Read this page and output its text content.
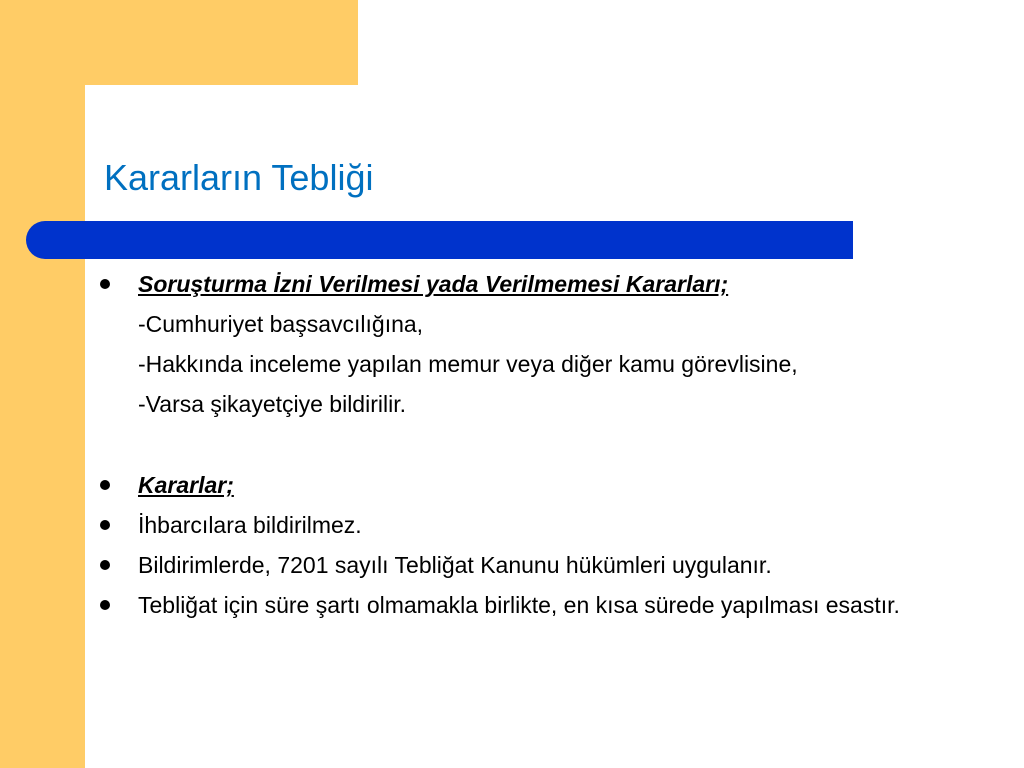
Kararların Tebliği
Soruşturma İzni Verilmesi yada Verilmemesi Kararları;
-Cumhuriyet başsavcılığına,
-Hakkında inceleme yapılan memur veya diğer kamu görevlisine,
-Varsa şikayetçiye bildirilir.
Kararlar;
İhbarcılara bildirilmez.
Bildirimlerde, 7201 sayılı Tebliğat Kanunu hükümleri uygulanır.
Tebliğat için süre şartı olmamakla birlikte, en kısa sürede yapılması esastır.
